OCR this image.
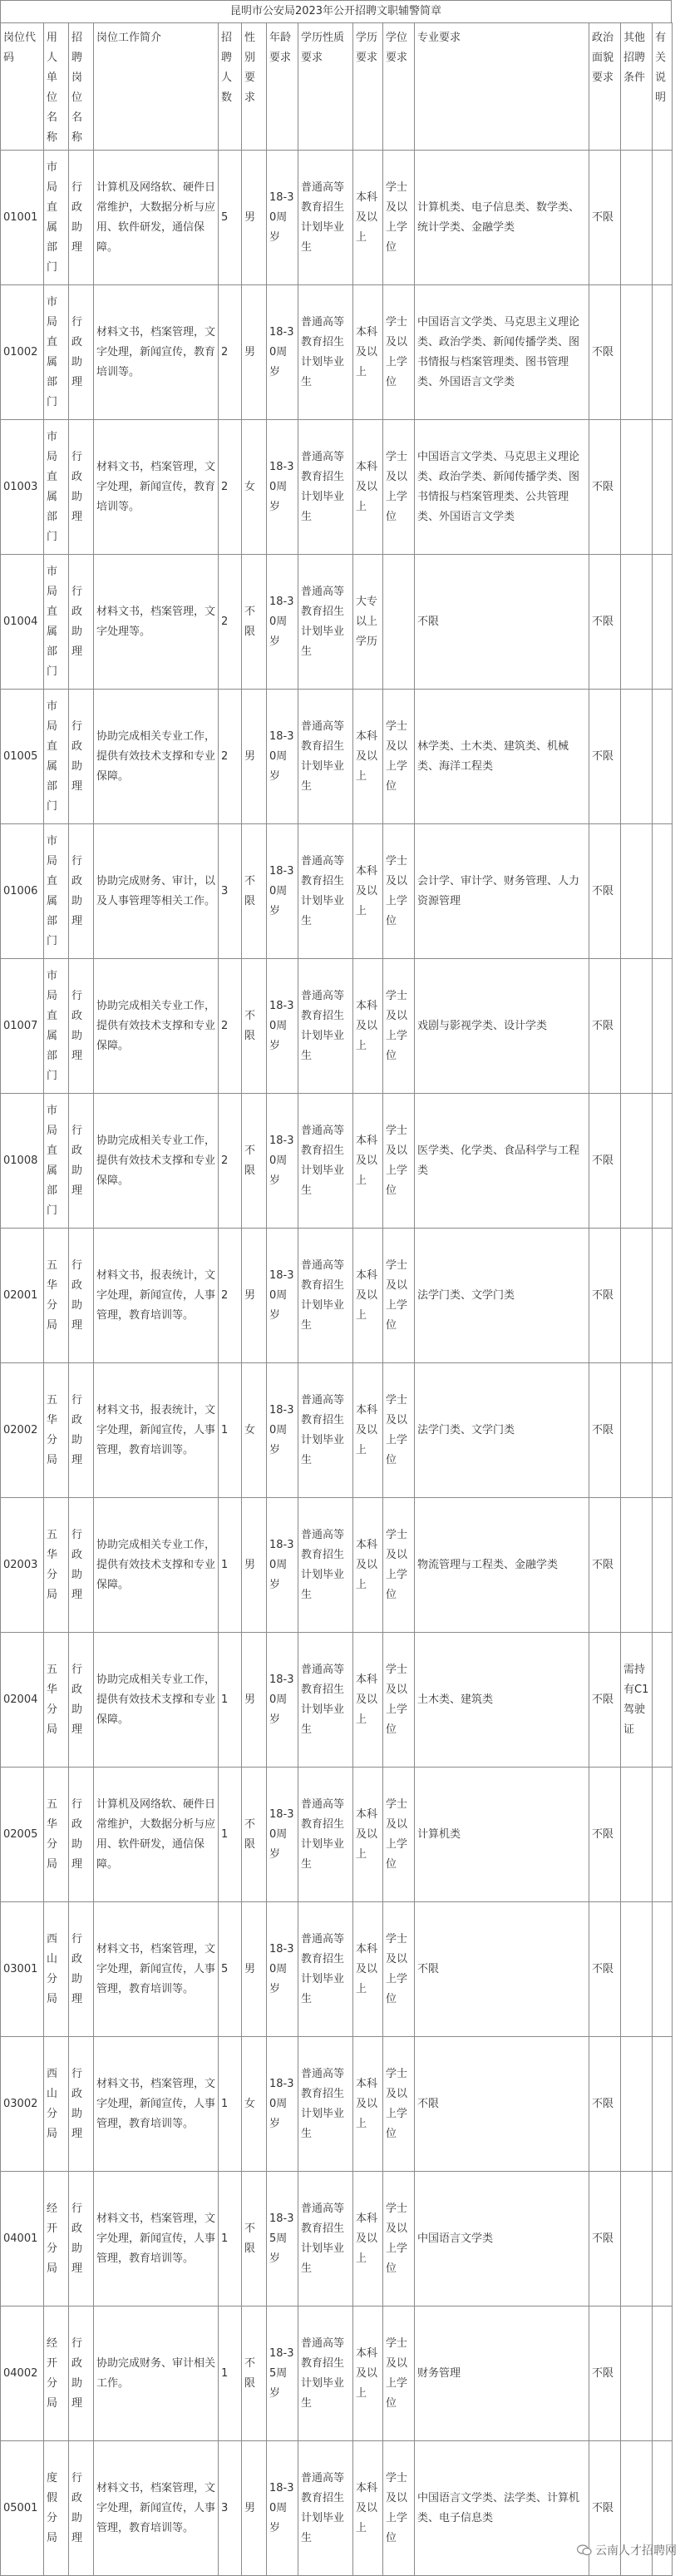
昆明市公安局2023年公开招聘文职辅警简章
岗位代码	用人单位名称	招聘岗位名称	岗位工作简介	招聘人数	性别要求	年龄要求	学历性质要求	学历要求	学位要求	专业要求	政治面貌要求	其他招聘条件	有关说明
01001	市局直属部门	行政助理	计算机及网络软、硬件日常维护，大数据分析与应用、软件研发，通信保障。	5	男	18-30周岁	普通高等教育招生计划毕业生	本科及以上	学士及以上学位	计算机类、电子信息类、数学类、统计学类、金融学类	不限		
01002	市局直属部门	行政助理	材料文书，档案管理，文字处理，新闻宣传，教育培训等。	2	男	18-30周岁	普通高等教育招生计划毕业生	本科及以上	学士及以上学位	中国语言文学类、马克思主义理论类、政治学类、新闻传播学类、图书情报与档案管理类、图书管理类、外国语言文学类	不限		
01003	市局直属部门	行政助理	材料文书，档案管理，文字处理，新闻宣传，教育培训等。	2	女	18-30周岁	普通高等教育招生计划毕业生	本科及以上	学士及以上学位	中国语言文学类、马克思主义理论类、政治学类、新闻传播学类、图书情报与档案管理类、公共管理类、外国语言文学类	不限		
01004	市局直属部门	行政助理	材料文书，档案管理，文字处理等。	2	不限	18-30周岁	普通高等教育招生计划毕业生	大专以上学历		不限	不限		
01005	市局直属部门	行政助理	协助完成相关专业工作，提供有效技术支撑和专业保障。	2	男	18-30周岁	普通高等教育招生计划毕业生	本科及以上	学士及以上学位	林学类、土木类、建筑类、机械类、海洋工程类	不限		
01006	市局直属部门	行政助理	协助完成财务、审计，以及人事管理等相关工作。	3	不限	18-30周岁	普通高等教育招生计划毕业生	本科及以上	学士及以上学位	会计学、审计学、财务管理、人力资源管理	不限		
01007	市局直属部门	行政助理	协助完成相关专业工作，提供有效技术支撑和专业保障。	2	不限	18-30周岁	普通高等教育招生计划毕业生	本科及以上	学士及以上学位	戏剧与影视学类、设计学类	不限		
01008	市局直属部门	行政助理	协助完成相关专业工作，提供有效技术支撑和专业保障。	2	不限	18-30周岁	普通高等教育招生计划毕业生	本科及以上	学士及以上学位	医学类、化学类、食品科学与工程类	不限		
02001	五华分局	行政助理	材料文书，报表统计，文字处理，新闻宣传，人事管理，教育培训等。	2	男	18-30周岁	普通高等教育招生计划毕业生	本科及以上	学士及以上学位	法学门类、文学门类	不限		
02002	五华分局	行政助理	材料文书，报表统计，文字处理，新闻宣传，人事管理，教育培训等。	1	女	18-30周岁	普通高等教育招生计划毕业生	本科及以上	学士及以上学位	法学门类、文学门类	不限		
02003	五华分局	行政助理	协助完成相关专业工作，提供有效技术支撑和专业保障。	1	男	18-30周岁	普通高等教育招生计划毕业生	本科及以上	学士及以上学位	物流管理与工程类、金融学类	不限		
02004	五华分局	行政助理	协助完成相关专业工作，提供有效技术支撑和专业保障。	1	男	18-30周岁	普通高等教育招生计划毕业生	本科及以上	学士及以上学位	土木类、建筑类	不限	需持有C1驾驶证	
02005	五华分局	行政助理	计算机及网络软、硬件日常维护，大数据分析与应用、软件研发，通信保障。	1	不限	18-30周岁	普通高等教育招生计划毕业生	本科及以上	学士及以上学位	计算机类	不限		
03001	西山分局	行政助理	材料文书，档案管理，文字处理，新闻宣传，人事管理，教育培训等。	5	男	18-30周岁	普通高等教育招生计划毕业生	本科及以上	学士及以上学位	不限	不限		
03002	西山分局	行政助理	材料文书，档案管理，文字处理，新闻宣传，人事管理，教育培训等。	1	女	18-30周岁	普通高等教育招生计划毕业生	本科及以上	学士及以上学位	不限	不限		
04001	经开分局	行政助理	材料文书，档案管理，文字处理，新闻宣传，人事管理，教育培训等。	1	不限	18-35周岁	普通高等教育招生计划毕业生	本科及以上	学士及以上学位	中国语言文学类	不限		
04002	经开分局	行政助理	协助完成财务、审计相关工作。	1	不限	18-35周岁	普通高等教育招生计划毕业生	本科及以上	学士及以上学位	财务管理	不限		
05001	度假分局	行政助理	材料文书，档案管理，文字处理，新闻宣传，人事管理，教育培训等。	3	男	18-30周岁	普通高等教育招生计划毕业生	本科及以上	学士及以上学位	中国语言文学类、法学类、计算机类、电子信息类	不限		
云南人才招聘网
